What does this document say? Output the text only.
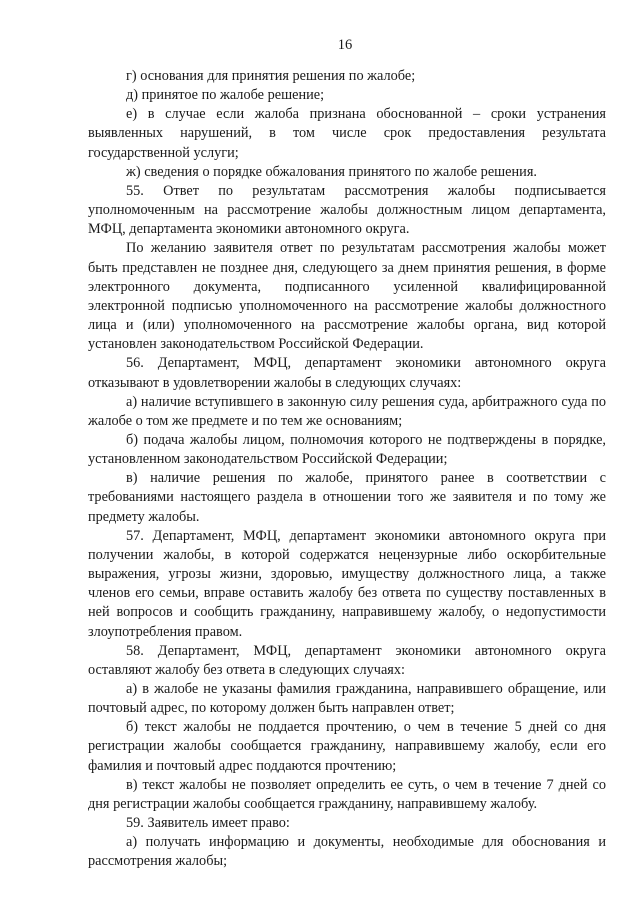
16

г) основания для принятия решения по жалобе;

д) принятое по жалобе решение;

е) в случае если жалоба признана обоснованной – сроки устранения выявленных нарушений, в том числе срок предоставления результата государственной услуги;

ж) сведения о порядке обжалования принятого по жалобе решения.

55. Ответ по результатам рассмотрения жалобы подписывается уполномоченным на рассмотрение жалобы должностным лицом департамента, МФЦ, департамента экономики автономного округа.

По желанию заявителя ответ по результатам рассмотрения жалобы может быть представлен не позднее дня, следующего за днем принятия решения, в форме электронного документа, подписанного усиленной квалифицированной электронной подписью уполномоченного на рассмотрение жалобы должностного лица и (или) уполномоченного на рассмотрение жалобы органа, вид которой установлен законодательством Российской Федерации.

56. Департамент, МФЦ, департамент экономики автономного округа отказывают в удовлетворении жалобы в следующих случаях:

а) наличие вступившего в законную силу решения суда, арбитражного суда по жалобе о том же предмете и по тем же основаниям;

б) подача жалобы лицом, полномочия которого не подтверждены в порядке, установленном законодательством Российской Федерации;

в) наличие решения по жалобе, принятого ранее в соответствии с требованиями настоящего раздела в отношении того же заявителя и по тому же предмету жалобы.

57. Департамент, МФЦ, департамент экономики автономного округа при получении жалобы, в которой содержатся нецензурные либо оскорбительные выражения, угрозы жизни, здоровью, имуществу должностного лица, а также членов его семьи, вправе оставить жалобу без ответа по существу поставленных в ней вопросов и сообщить гражданину, направившему жалобу, о недопустимости злоупотребления правом.

58. Департамент, МФЦ, департамент экономики автономного округа оставляют жалобу без ответа в следующих случаях:

а) в жалобе не указаны фамилия гражданина, направившего обращение, или почтовый адрес, по которому должен быть направлен ответ;

б) текст жалобы не поддается прочтению, о чем в течение 5 дней со дня регистрации жалобы сообщается гражданину, направившему жалобу, если его фамилия и почтовый адрес поддаются прочтению;

в) текст жалобы не позволяет определить ее суть, о чем в течение 7 дней со дня регистрации жалобы сообщается гражданину, направившему жалобу.

59. Заявитель имеет право:

а) получать информацию и документы, необходимые для обоснования и рассмотрения жалобы;
